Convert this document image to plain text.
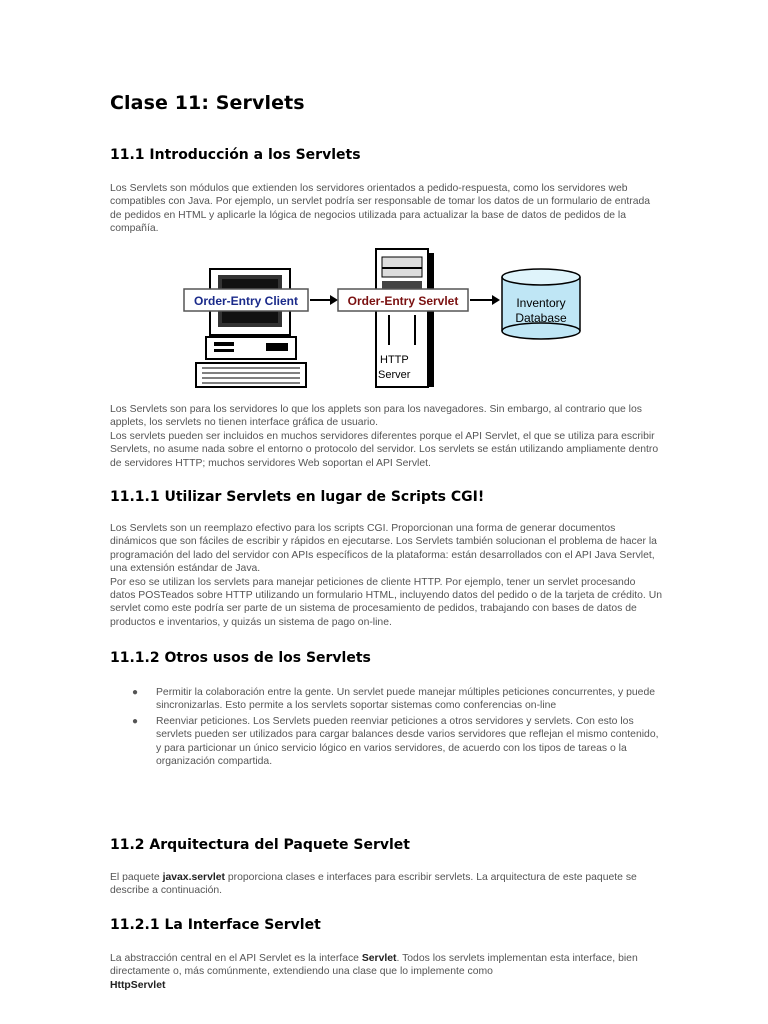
Clase 11: Servlets
11.1 Introducción a los Servlets

Los Servlets son módulos que extienden los servidores orientados a pedido-respuesta, como los servidores web compatibles con Java. Por ejemplo, un servlet podría ser responsable de tomar los datos de un formulario de entrada de pedidos en HTML y aplicarle la lógica de negocios utilizada para actualizar la base de datos de pedidos de la compañía.

Order-Entry Client
HTTP
Server
Order-Entry Servlet	Inventory
Database

Los Servlets son para los servidores lo que los applets son para los navegadores. Sin embargo, al contrario que los applets, los servlets no tienen interface gráfica de usuario.
Los servlets pueden ser incluidos en muchos servidores diferentes porque el API Servlet, el que se utiliza para escribir Servlets, no asume nada sobre el entorno o protocolo del servidor. Los servlets se están utilizando ampliamente dentro de servidores HTTP; muchos servidores Web soportan el API Servlet.

11.1.1 Utilizar Servlets en lugar de Scripts CGI!

Los Servlets son un reemplazo efectivo para los scripts CGI. Proporcionan una forma de generar documentos dinámicos que son fáciles de escribir y rápidos en ejecutarse. Los Servlets también solucionan el problema de hacer la programación del lado del servidor con APIs específicos de la plataforma: están desarrollados con el API Java Servlet, una extensión estándar de Java.
Por eso se utilizan los servlets para manejar peticiones de cliente HTTP. Por ejemplo, tener un servlet procesando datos POSTeados sobre HTTP utilizando un formulario HTML, incluyendo datos del pedido o de la tarjeta de crédito. Un servlet como este podría ser parte de un sistema de procesamiento de pedidos, trabajando con bases de datos de productos e inventarios, y quizás un sistema de pago on-line.

11.1.2 Otros usos de los Servlets
● Permitir la colaboración entre la gente. Un servlet puede manejar múltiples peticiones concurrentes, y puede sincronizarlas. Esto permite a los servlets soportar sistemas como conferencias on-line
● Reenviar peticiones. Los Servlets pueden reenviar peticiones a otros servidores y servlets. Con esto los servlets pueden ser utilizados para cargar balances desde varios servidores que reflejan el mismo contenido, y para particionar un único servicio lógico en varios servidores, de acuerdo con los tipos de tareas o la organización compartida.
11.2 Arquitectura del Paquete Servlet

El paquete javax.servlet proporciona clases e interfaces para escribir servlets. La arquitectura de este paquete se describe a continuación.

11.2.1 La Interface Servlet

La abstracción central en el API Servlet es la interface Servlet. Todos los servlets implementan esta interface, bien directamente o, más comúnmente, extendiendo una clase que lo implemente como
HttpServlet
